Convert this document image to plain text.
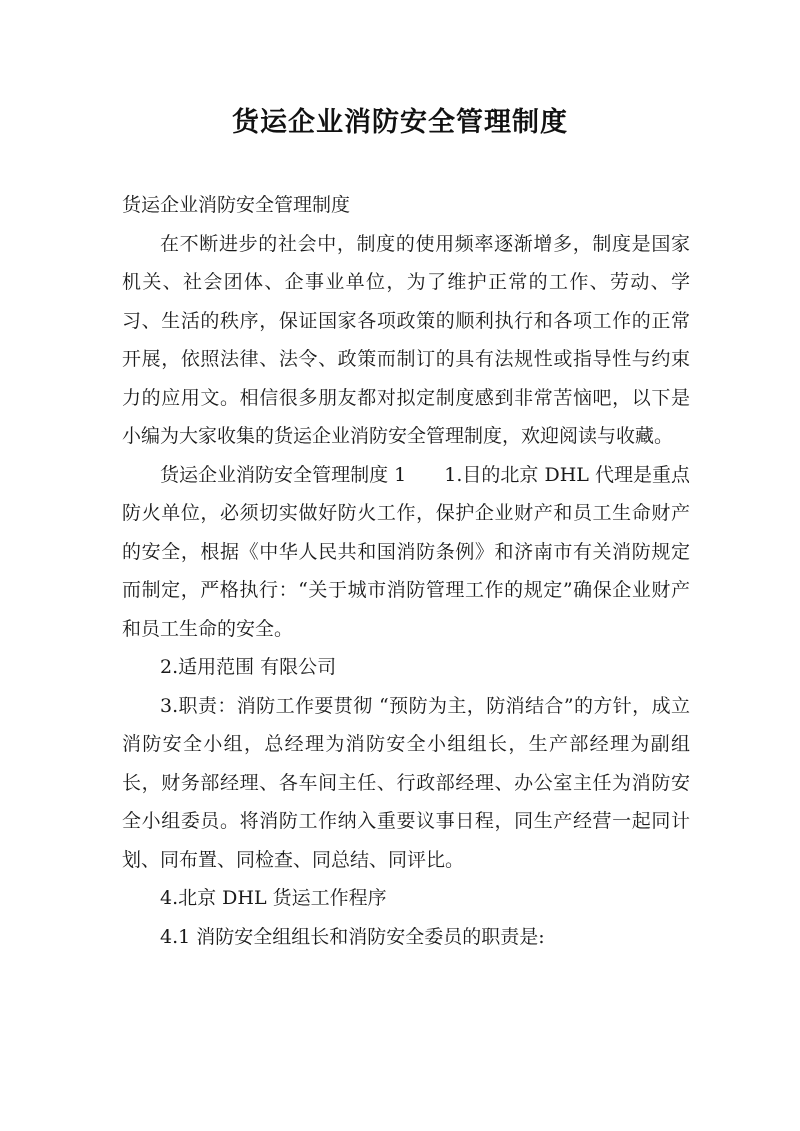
货运企业消防安全管理制度

货运企业消防安全管理制度

在不断进步的社会中，制度的使用频率逐渐增多，制度是国家机关、社会团体、企事业单位，为了维护正常的工作、劳动、学习、生活的秩序，保证国家各项政策的顺利执行和各项工作的正常开展，依照法律、法令、政策而制订的具有法规性或指导性与约束力的应用文。相信很多朋友都对拟定制度感到非常苦恼吧，以下是小编为大家收集的货运企业消防安全管理制度，欢迎阅读与收藏。

货运企业消防安全管理制度 1　　1.目的北京 DHL 代理是重点防火单位，必须切实做好防火工作，保护企业财产和员工生命财产的安全，根据《中华人民共和国消防条例》和济南市有关消防规定而制定，严格执行：“关于城市消防管理工作的规定”确保企业财产和员工生命的安全。

2.适用范围 有限公司

3.职责：消防工作要贯彻 “预防为主，防消结合”的方针，成立消防安全小组，总经理为消防安全小组组长，生产部经理为副组长，财务部经理、各车间主任、行政部经理、办公室主任为消防安全小组委员。将消防工作纳入重要议事日程，同生产经营一起同计划、同布置、同检查、同总结、同评比。

4.北京 DHL 货运工作程序

4.1 消防安全组组长和消防安全委员的职责是:
